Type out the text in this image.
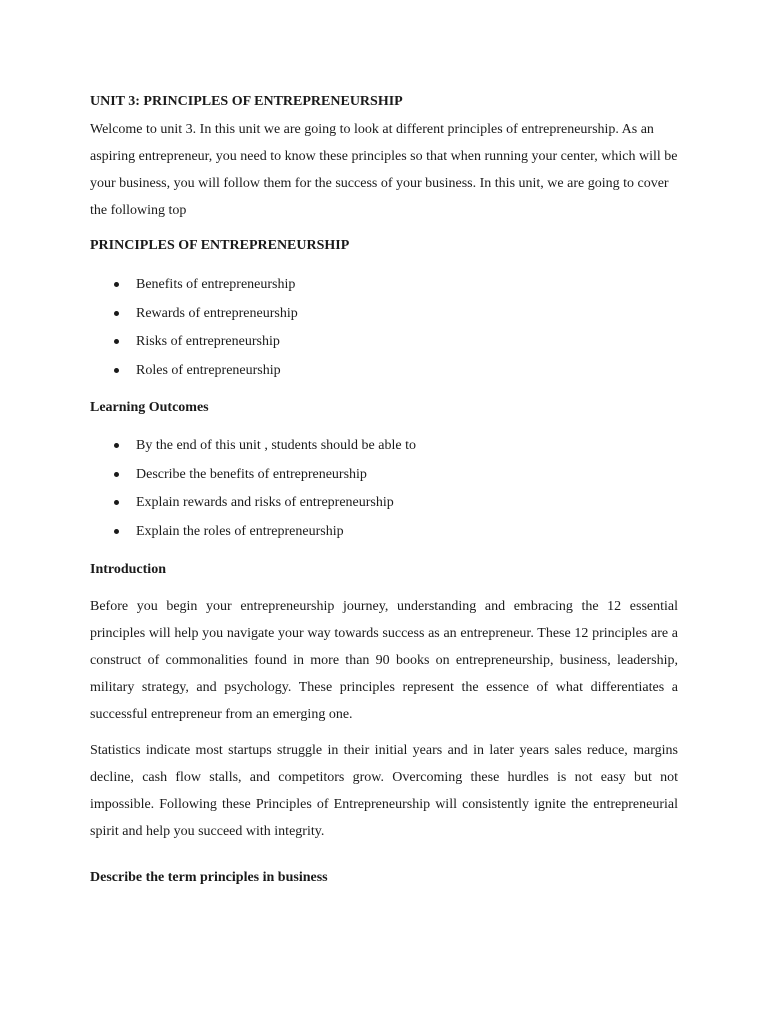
UNIT 3: PRINCIPLES OF ENTREPRENEURSHIP
Welcome to unit 3. In this unit we are going to look at different principles of entrepreneurship. As an aspiring entrepreneur, you need to know these principles so that when running your center, which will be your business, you will follow them for the success of your business. In this unit, we are going to cover the following top
PRINCIPLES OF ENTREPRENEURSHIP
Benefits of entrepreneurship
Rewards of entrepreneurship
Risks of entrepreneurship
Roles of entrepreneurship
Learning Outcomes
By the end of this unit , students should be able to
Describe the benefits of entrepreneurship
Explain rewards and risks of entrepreneurship
Explain the roles of entrepreneurship
Introduction
Before you begin your entrepreneurship journey, understanding and embracing the 12 essential principles will help you navigate your way towards success as an entrepreneur. These 12 principles are a construct of commonalities found in more than 90 books on entrepreneurship, business, leadership, military strategy, and psychology. These principles represent the essence of what differentiates a successful entrepreneur from an emerging one.
Statistics indicate most startups struggle in their initial years and in later years sales reduce, margins decline, cash flow stalls, and competitors grow. Overcoming these hurdles is not easy but not impossible. Following these Principles of Entrepreneurship will consistently ignite the entrepreneurial spirit and help you succeed with integrity.
Describe the term principles in business
